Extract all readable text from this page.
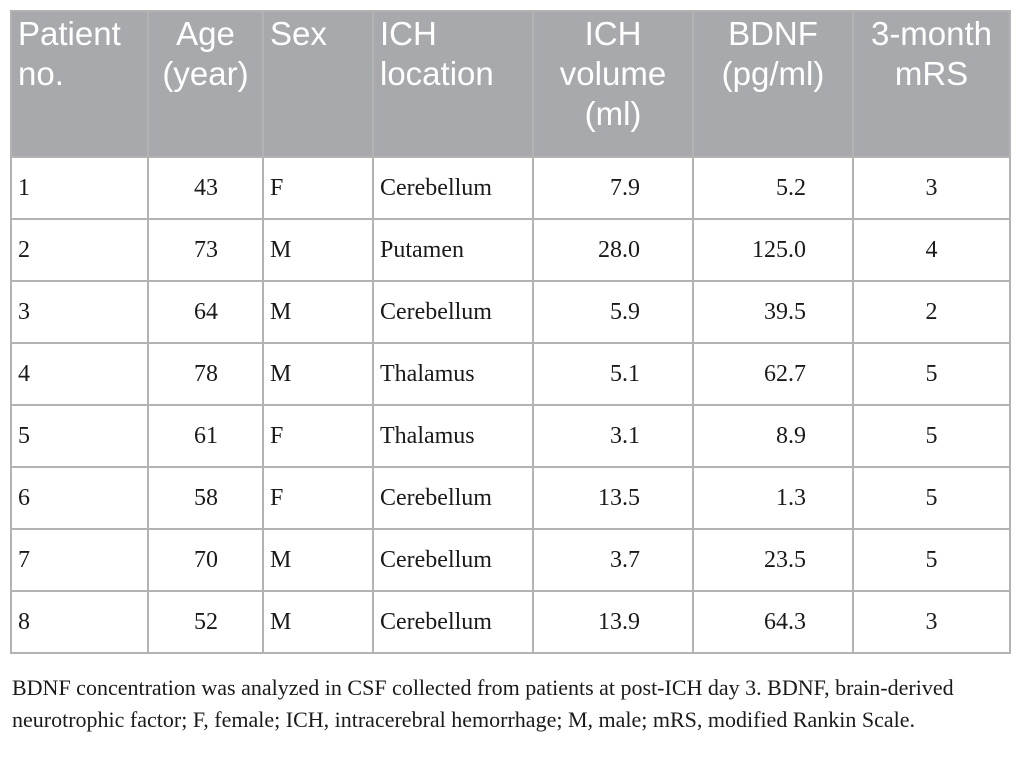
Patient no.	Age (year)	Sex	ICH location	ICH volume (ml)	BDNF (pg/ml)	3-month mRS
1	43	F	Cerebellum	7.9	5.2	3
2	73	M	Putamen	28.0	125.0	4
3	64	M	Cerebellum	5.9	39.5	2
4	78	M	Thalamus	5.1	62.7	5
5	61	F	Thalamus	3.1	8.9	5
6	58	F	Cerebellum	13.5	1.3	5
7	70	M	Cerebellum	3.7	23.5	5
8	52	M	Cerebellum	13.9	64.3	3

BDNF concentration was analyzed in CSF collected from patients at post-ICH day 3. BDNF, brain-derived neurotrophic factor; F, female; ICH, intracerebral hemorrhage; M, male; mRS, modified Rankin Scale.
